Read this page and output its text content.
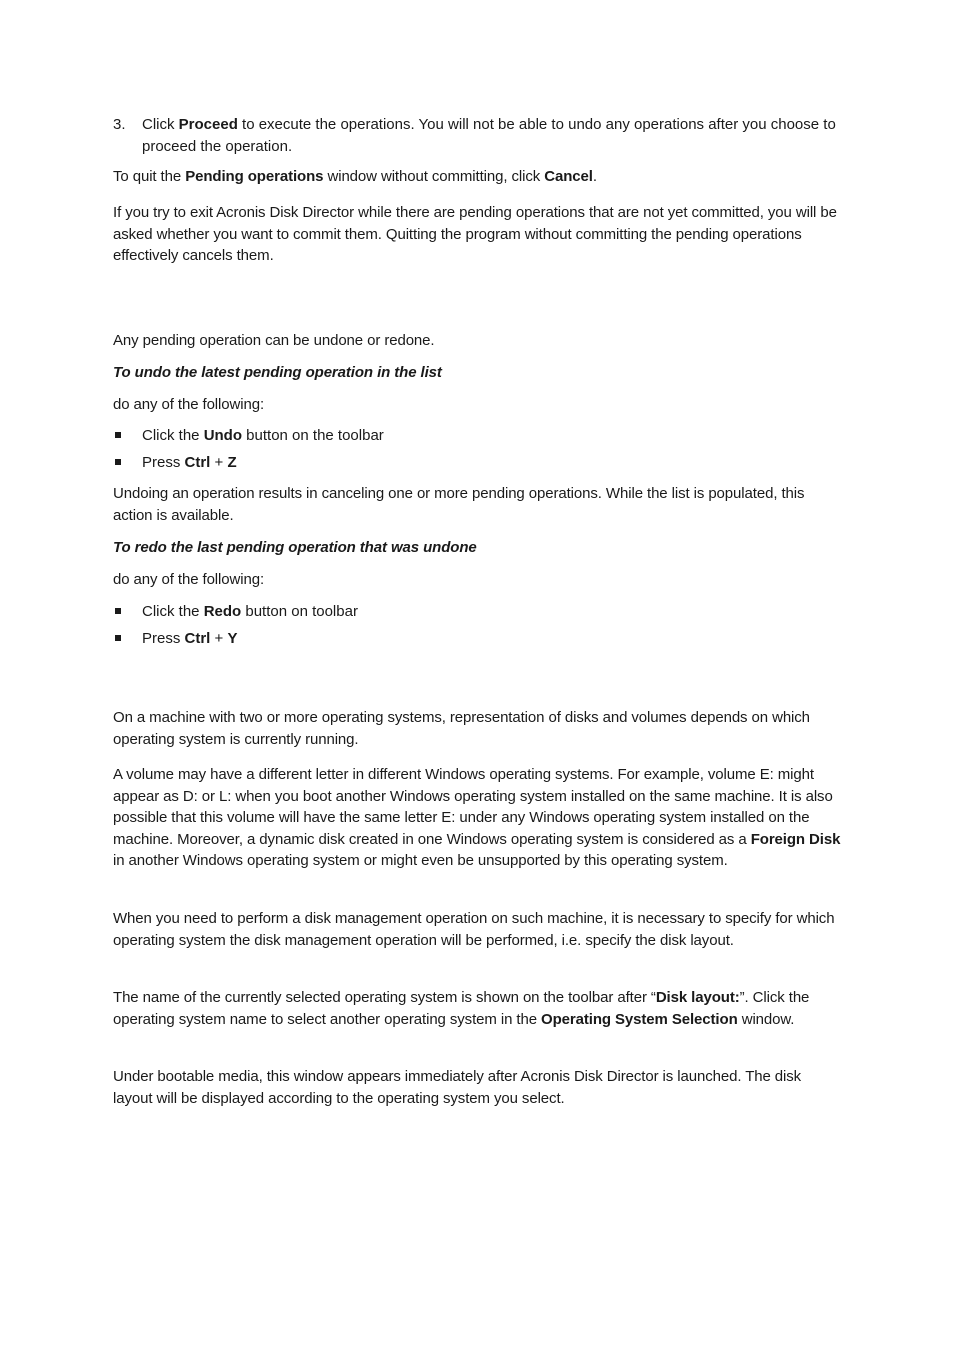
3. Click Proceed to execute the operations. You will not be able to undo any operations after you choose to proceed the operation.

To quit the Pending operations window without committing, click Cancel.

If you try to exit Acronis Disk Director while there are pending operations that are not yet committed, you will be asked whether you want to commit them. Quitting the program without committing the pending operations effectively cancels them.

Any pending operation can be undone or redone.

To undo the latest pending operation in the list

do any of the following:

Click the Undo button on the toolbar
Press Ctrl + Z

Undoing an operation results in canceling one or more pending operations. While the list is populated, this action is available.

To redo the last pending operation that was undone

do any of the following:

Click the Redo button on toolbar
Press Ctrl + Y

On a machine with two or more operating systems, representation of disks and volumes depends on which operating system is currently running.

A volume may have a different letter in different Windows operating systems. For example, volume E: might appear as D: or L: when you boot another Windows operating system installed on the same machine. It is also possible that this volume will have the same letter E: under any Windows operating system installed on the machine. Moreover, a dynamic disk created in one Windows operating system is considered as a Foreign Disk in another Windows operating system or might even be unsupported by this operating system.

When you need to perform a disk management operation on such machine, it is necessary to specify for which operating system the disk management operation will be performed, i.e. specify the disk layout.

The name of the currently selected operating system is shown on the toolbar after “Disk layout:”. Click the operating system name to select another operating system in the Operating System Selection window.

Under bootable media, this window appears immediately after Acronis Disk Director is launched. The disk layout will be displayed according to the operating system you select.
